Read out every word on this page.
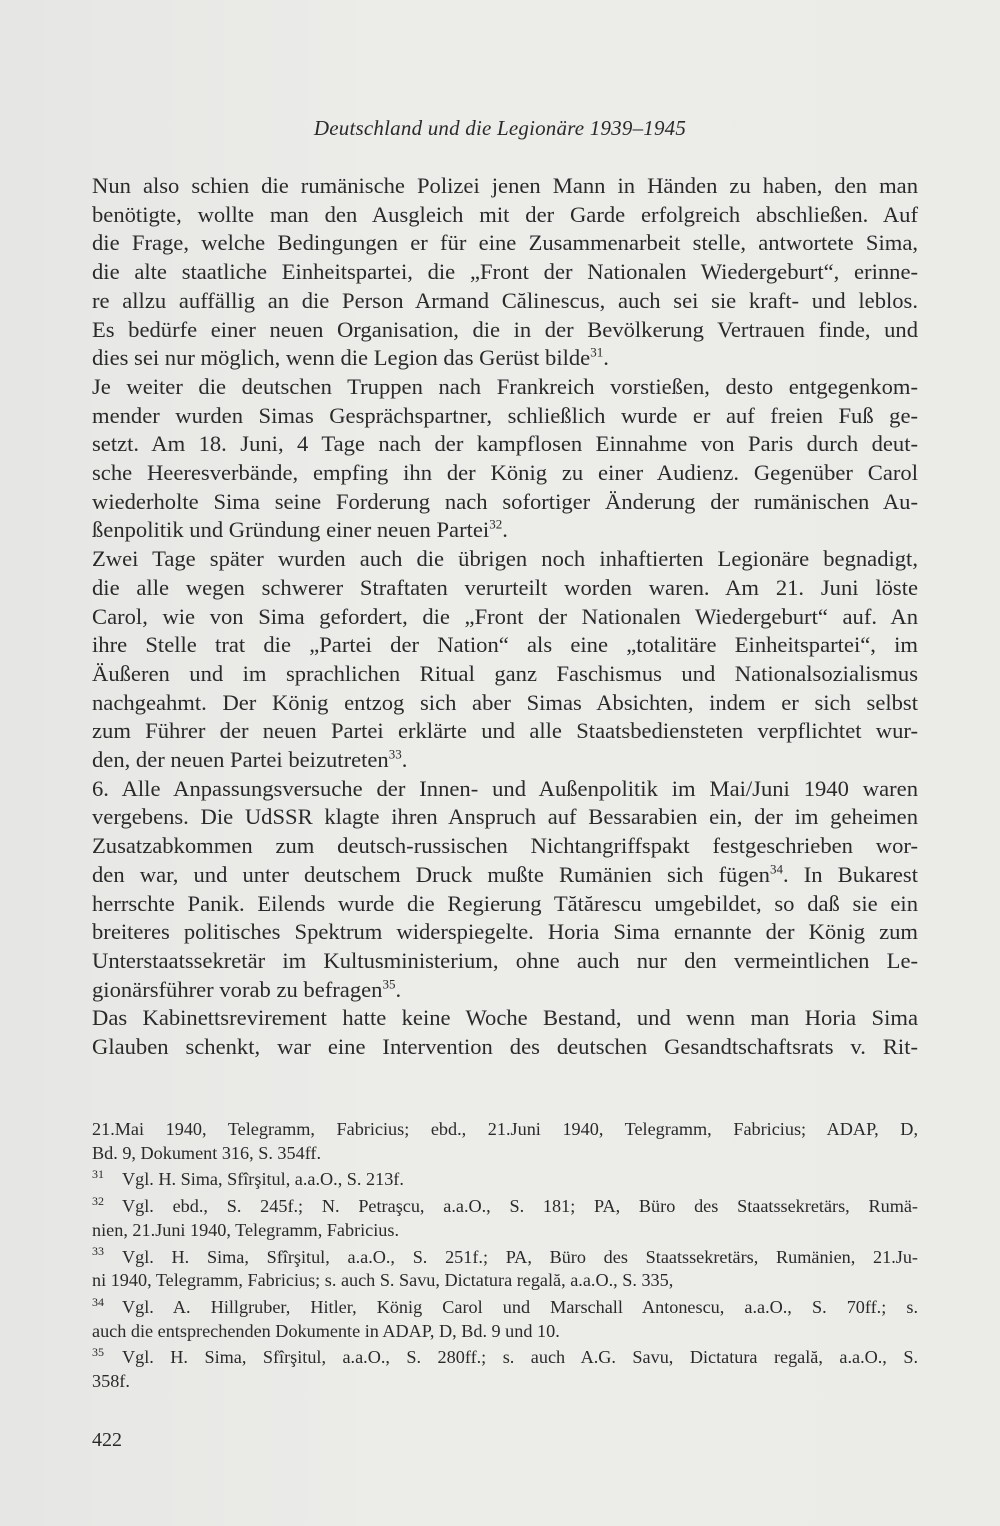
Deutschland und die Legionäre 1939–1945
Nun also schien die rumänische Polizei jenen Mann in Händen zu haben, den man
benötigte, wollte man den Ausgleich mit der Garde erfolgreich abschließen. Auf
die Frage, welche Bedingungen er für eine Zusammenarbeit stelle, antwortete Sima,
die alte staatliche Einheitspartei, die „Front der Nationalen Wiedergeburt“, erinne-
re allzu auffällig an die Person Armand Călinescus, auch sei sie kraft- und leblos.
Es bedürfe einer neuen Organisation, die in der Bevölkerung Vertrauen finde, und
dies sei nur möglich, wenn die Legion das Gerüst bilde$^{31}$.
Je weiter die deutschen Truppen nach Frankreich vorstießen, desto entgegenkom-
mender wurden Simas Gesprächspartner, schließlich wurde er auf freien Fuß ge-
setzt. Am 18. Juni, 4 Tage nach der kampflosen Einnahme von Paris durch deut-
sche Heeresverbände, empfing ihn der König zu einer Audienz. Gegenüber Carol
wiederholte Sima seine Forderung nach sofortiger Änderung der rumänischen Au-
ßenpolitik und Gründung einer neuen Partei$^{32}$.
Zwei Tage später wurden auch die übrigen noch inhaftierten Legionäre begnadigt,
die alle wegen schwerer Straftaten verurteilt worden waren. Am 21. Juni löste
Carol, wie von Sima gefordert, die „Front der Nationalen Wiedergeburt“ auf. An
ihre Stelle trat die „Partei der Nation“ als eine „totalitäre Einheitspartei“, im
Äußeren und im sprachlichen Ritual ganz Faschismus und Nationalsozialismus
nachgeahmt. Der König entzog sich aber Simas Absichten, indem er sich selbst
zum Führer der neuen Partei erklärte und alle Staatsbediensteten verpflichtet wur-
den, der neuen Partei beizutreten$^{33}$.
6. Alle Anpassungsversuche der Innen- und Außenpolitik im Mai/Juni 1940 waren
vergebens. Die UdSSR klagte ihren Anspruch auf Bessarabien ein, der im geheimen
Zusatzabkommen zum deutsch-russischen Nichtangriffspakt festgeschrieben wor-
den war, und unter deutschem Druck mußte Rumänien sich fügen$^{34}$. In Bukarest
herrschte Panik. Eilends wurde die Regierung Tătărescu umgebildet, so daß sie ein
breiteres politisches Spektrum widerspiegelte. Horia Sima ernannte der König zum
Unterstaatssekretär im Kultusministerium, ohne auch nur den vermeintlichen Le-
gionärsführer vorab zu befragen$^{35}$.
Das Kabinettsrevirement hatte keine Woche Bestand, und wenn man Horia Sima
Glauben schenkt, war eine Intervention des deutschen Gesandtschaftsrats v. Rit-
21.Mai 1940, Telegramm, Fabricius; ebd., 21.Juni 1940, Telegramm, Fabricius; ADAP, D,
Bd. 9, Dokument 316, S. 354ff.
31 Vgl. H. Sima, Sfîrşitul, a.a.O., S. 213f.
32 Vgl. ebd., S. 245f.; N. Petraşcu, a.a.O., S. 181; PA, Büro des Staatssekretärs, Rumä-
nien, 21.Juni 1940, Telegramm, Fabricius.
33 Vgl. H. Sima, Sfîrşitul, a.a.O., S. 251f.; PA, Büro des Staatssekretärs, Rumänien, 21.Ju-
ni 1940, Telegramm, Fabricius; s. auch S. Savu, Dictatura regală, a.a.O., S. 335,
34 Vgl. A. Hillgruber, Hitler, König Carol und Marschall Antonescu, a.a.O., S. 70ff.; s.
auch die entsprechenden Dokumente in ADAP, D, Bd. 9 und 10.
35 Vgl. H. Sima, Sfîrşitul, a.a.O., S. 280ff.; s. auch A.G. Savu, Dictatura regală, a.a.O., S.
358f.
422
